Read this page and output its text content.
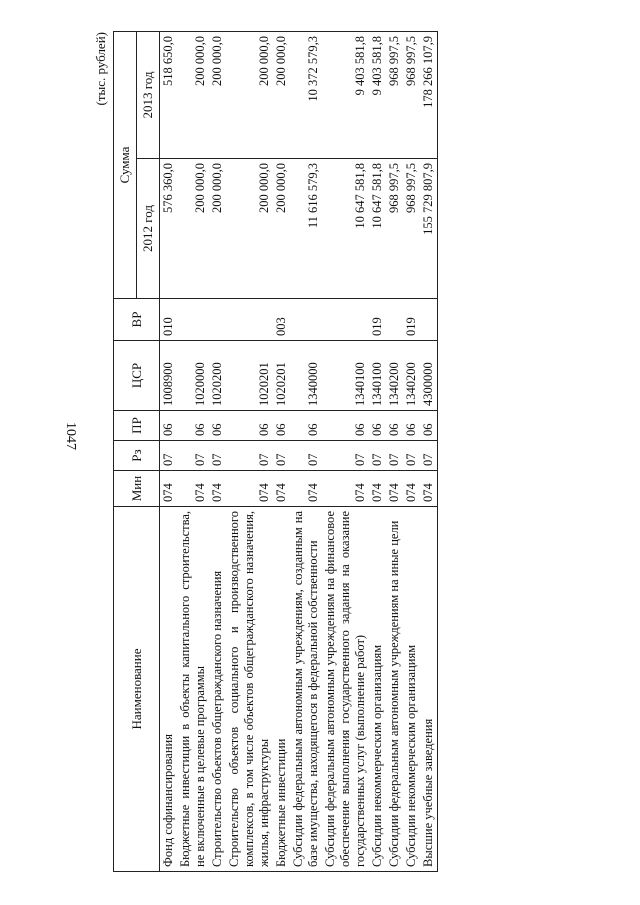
1047
(тыс. рублей)
Наименование	Мин	Рз	ПР	ЦСР	ВР	Сумма	
						2012 год	2013 год
Фонд софинансирования	074	07	06	1008900	010	576 360,0	518 650,0
Бюджетные инвестиции в объекты капитального строительства, не включенные в целевые программы	074	07	06	1020000		200 000,0	200 000,0
Строительство объектов общегражданского назначения	074	07	06	1020200		200 000,0	200 000,0
Строительство объектов социального и производственного комплексов, в том числе объектов общегражданского назначения, жилья, инфраструктуры	074	07	06	1020201		200 000,0	200 000,0
Бюджетные инвестиции	074	07	06	1020201	003	200 000,0	200 000,0
Субсидии федеральным автономным учреждениям, созданным на базе имущества, находящегося в федеральной собственности	074	07	06	1340000		11 616 579,3	10 372 579,3
Субсидии федеральным автономным учреждениям на финансовое обеспечение выполнения государственного задания на оказание государственных услуг (выполнение работ)	074	07	06	1340100		10 647 581,8	9 403 581,8
Субсидии некоммерческим организациям	074	07	06	1340100	019	10 647 581,8	9 403 581,8
Субсидии федеральным автономным учреждениям на иные цели	074	07	06	1340200		968 997,5	968 997,5
Субсидии некоммерческим организациям	074	07	06	1340200	019	968 997,5	968 997,5
Высшие учебные заведения	074	07	06	4300000		155 729 807,9	178 266 107,9
